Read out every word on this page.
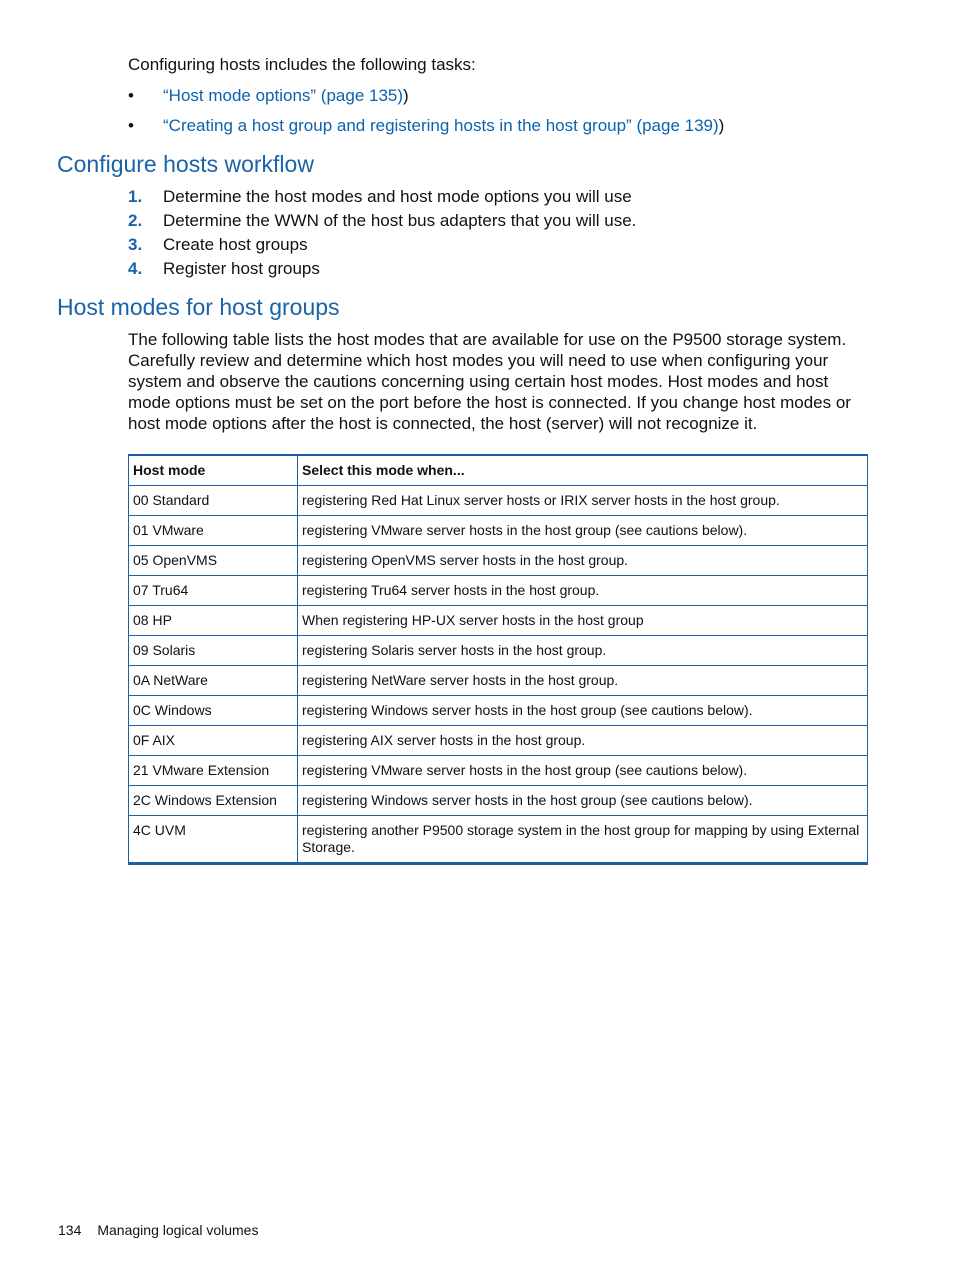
Configuring hosts includes the following tasks:
•	“Host mode options” (page 135))
•	“Creating a host group and registering hosts in the host group” (page 139))
Configure hosts workflow
1. Determine the host modes and host mode options you will use
2. Determine the WWN of the host bus adapters that you will use.
3. Create host groups
4. Register host groups
Host modes for host groups

The following table lists the host modes that are available for use on the P9500 storage system. Carefully review and determine which host modes you will need to use when configuring your system and observe the cautions concerning using certain host modes. Host modes and host mode options must be set on the port before the host is connected. If you change host modes or host mode options after the host is connected, the host (server) will not recognize it.

Host mode	Select this mode when...
00 Standard	registering Red Hat Linux server hosts or IRIX server hosts in the host group.
01 VMware	registering VMware server hosts in the host group (see cautions below).
05 OpenVMS	registering OpenVMS server hosts in the host group.
07 Tru64	registering Tru64 server hosts in the host group.
08 HP	When registering HP-UX server hosts in the host group
09 Solaris	registering Solaris server hosts in the host group.
0A NetWare	registering NetWare server hosts in the host group.
0C Windows	registering Windows server hosts in the host group (see cautions below).
0F AIX	registering AIX server hosts in the host group.
21 VMware Extension	registering VMware server hosts in the host group (see cautions below).
2C Windows Extension	registering Windows server hosts in the host group (see cautions below).
4C UVM	registering another P9500 storage system in the host group for mapping by using External Storage.
134 Managing logical volumes
